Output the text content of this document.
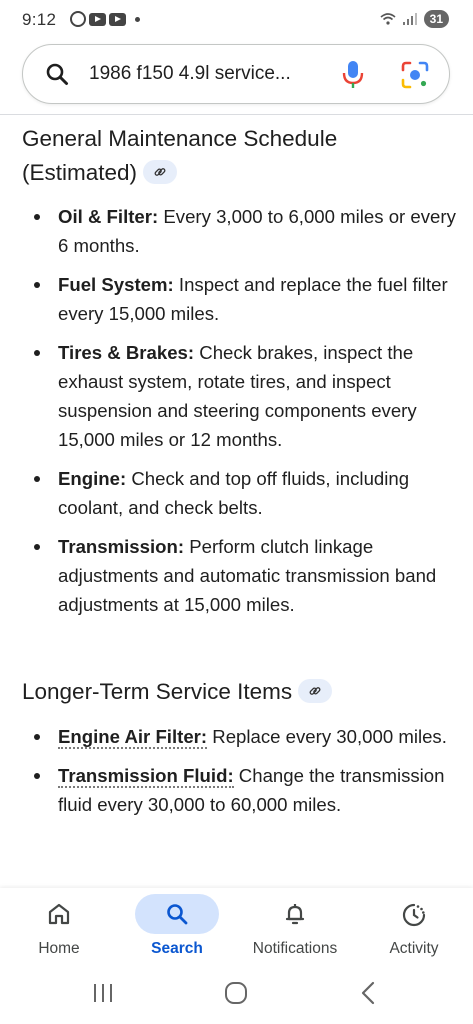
9:12	31
1986 f150 4.9l service...
General Maintenance Schedule
(Estimated)
Oil & Filter: Every 3,000 to 6,000 miles or every 6 months.
Fuel System: Inspect and replace the fuel filter every 15,000 miles.
Tires & Brakes: Check brakes, inspect the exhaust system, rotate tires, and inspect suspension and steering components every 15,000 miles or 12 months.
Engine: Check and top off fluids, including coolant, and check belts.
Transmission: Perform clutch linkage adjustments and automatic transmission band adjustments at 15,000 miles.
Longer-Term Service Items
Engine Air Filter: Replace every 30,000 miles.
Transmission Fluid: Change the transmission fluid every 30,000 to 60,000 miles.
Home	Search	Notifications	Activity
